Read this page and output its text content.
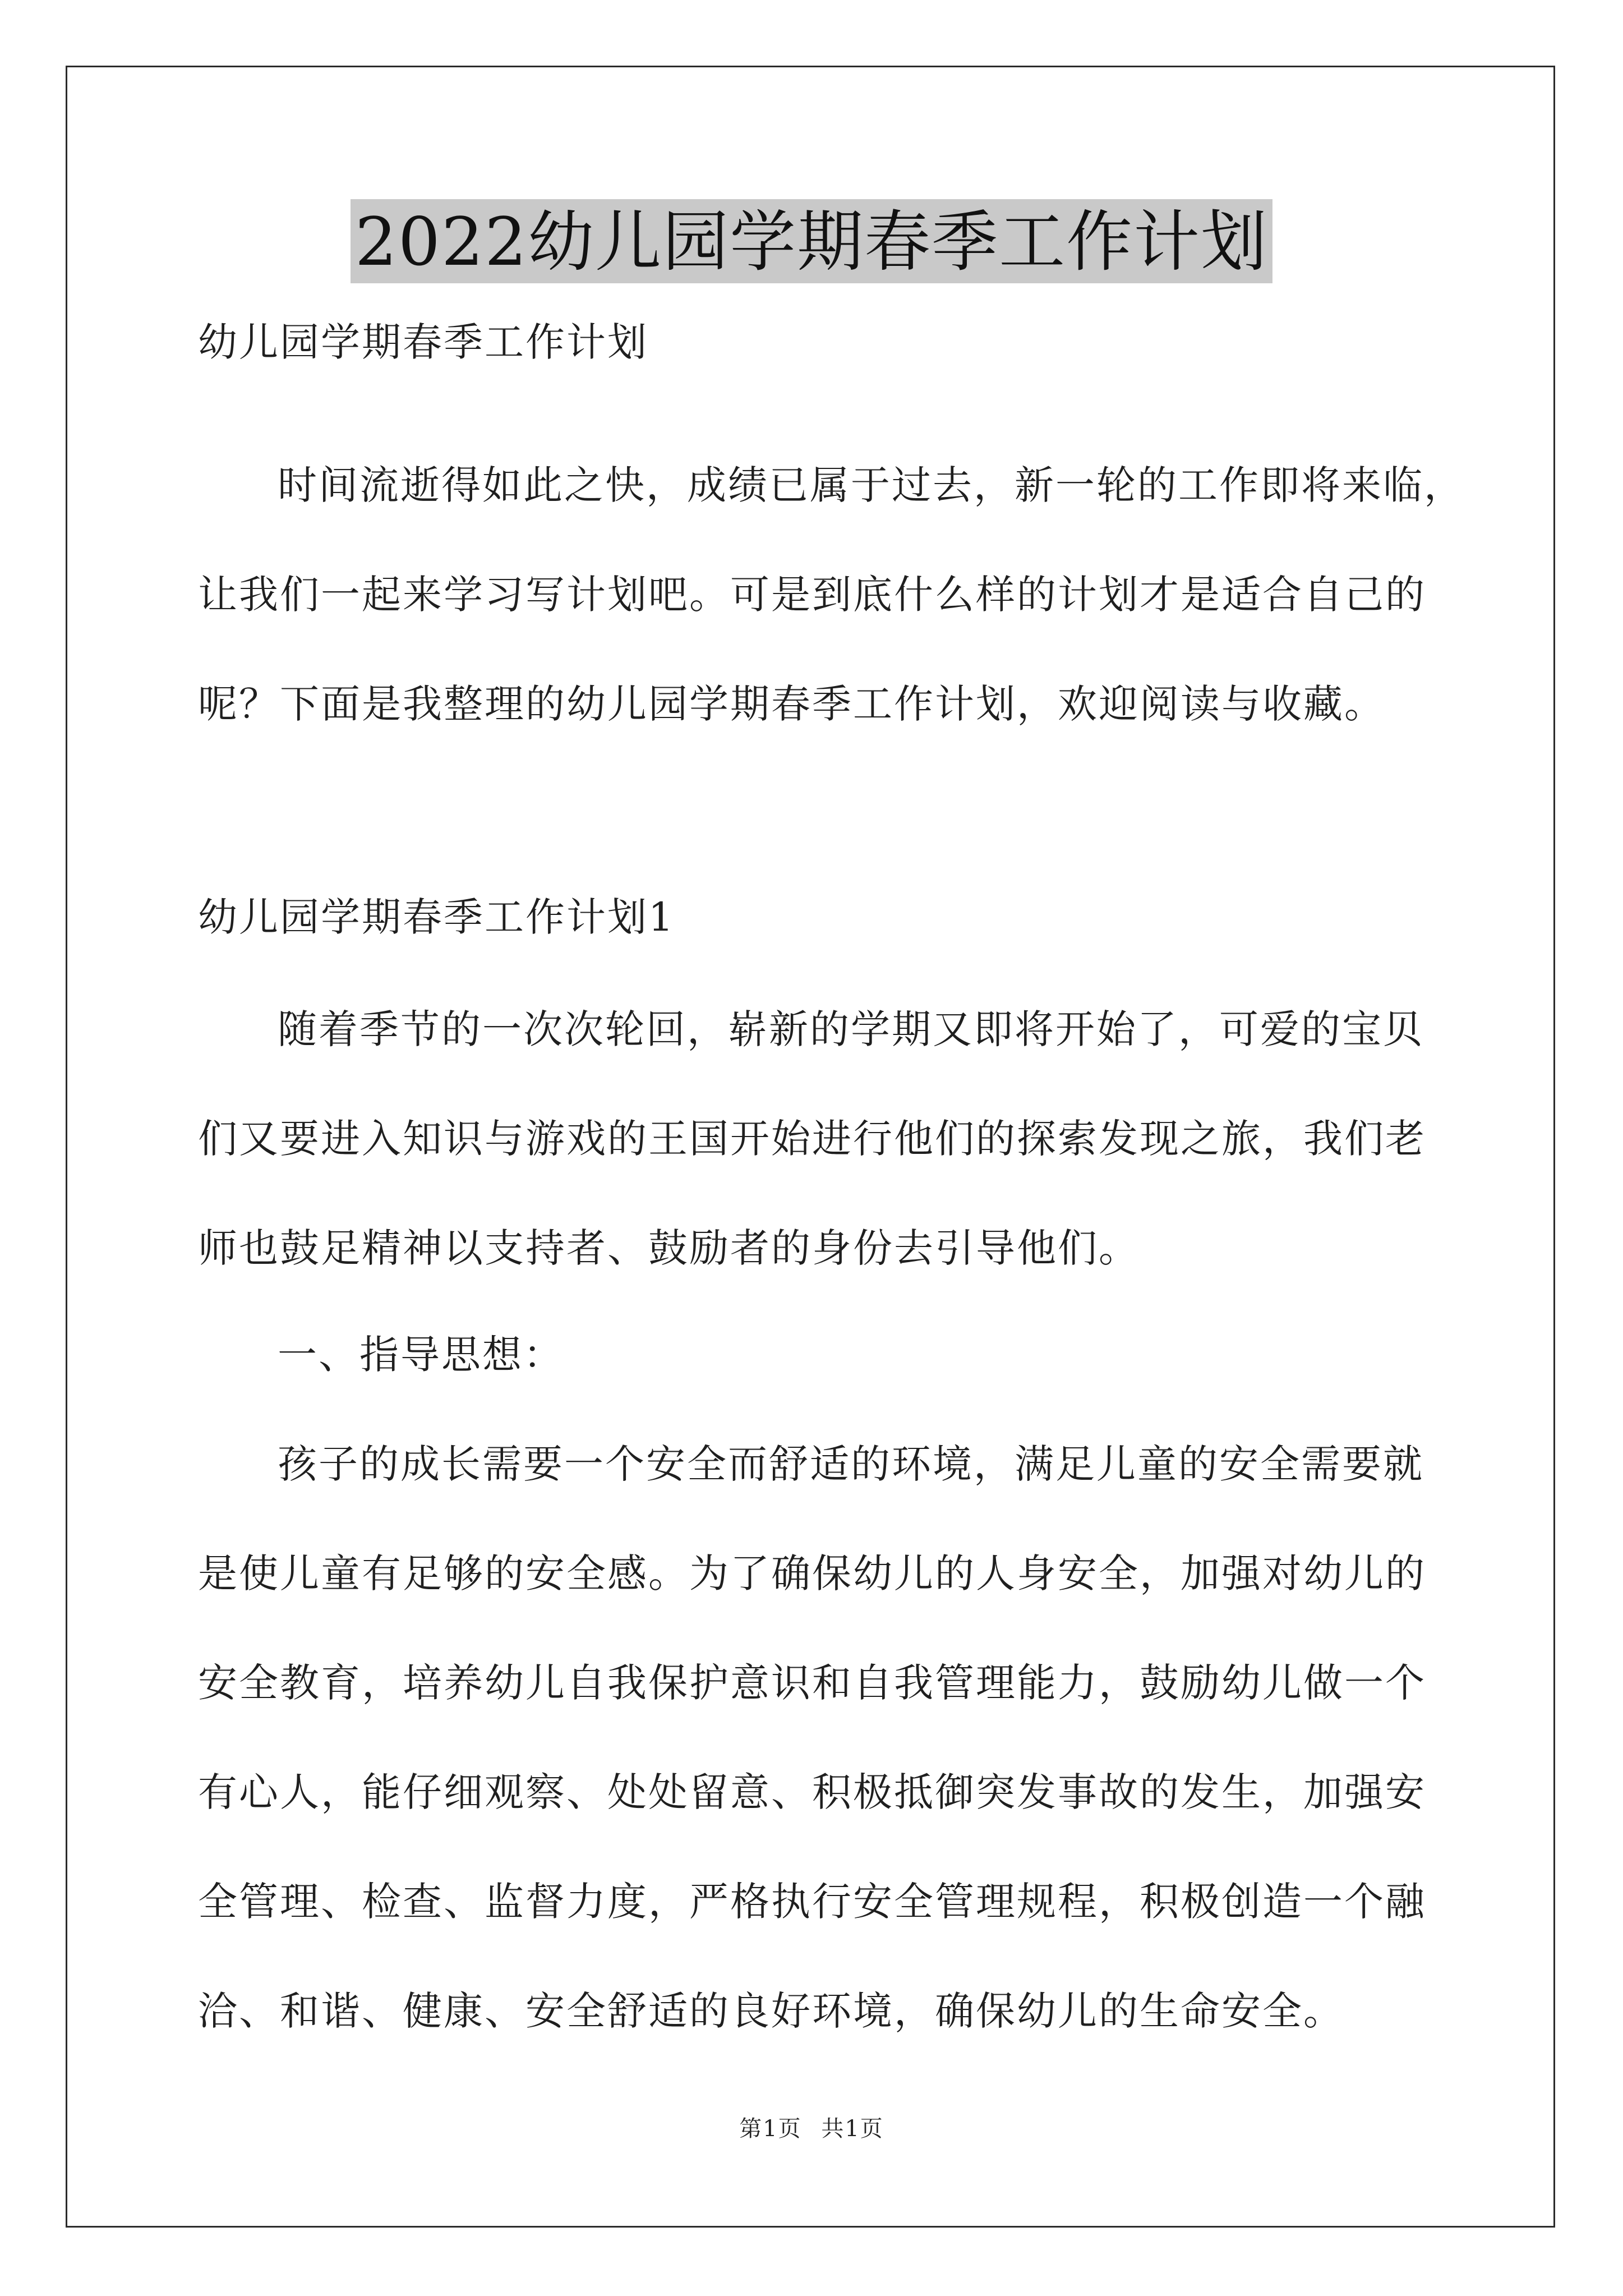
2022幼儿园学期春季工作计划
幼儿园学期春季工作计划
时间流逝得如此之快，成绩已属于过去，新一轮的工作即将来临，
让我们一起来学习写计划吧。可是到底什么样的计划才是适合自己的
呢？下面是我整理的幼儿园学期春季工作计划，欢迎阅读与收藏。
幼儿园学期春季工作计划1
随着季节的一次次轮回，崭新的学期又即将开始了，可爱的宝贝
们又要进入知识与游戏的王国开始进行他们的探索发现之旅，我们老
师也鼓足精神以支持者、鼓励者的身份去引导他们。
一、指导思想：
孩子的成长需要一个安全而舒适的环境，满足儿童的安全需要就
是使儿童有足够的安全感。为了确保幼儿的人身安全，加强对幼儿的
安全教育，培养幼儿自我保护意识和自我管理能力，鼓励幼儿做一个
有心人，能仔细观察、处处留意、积极抵御突发事故的发生，加强安
全管理、检查、监督力度，严格执行安全管理规程，积极创造一个融
洽、和谐、健康、安全舒适的良好环境，确保幼儿的生命安全。
第1页 共1页
